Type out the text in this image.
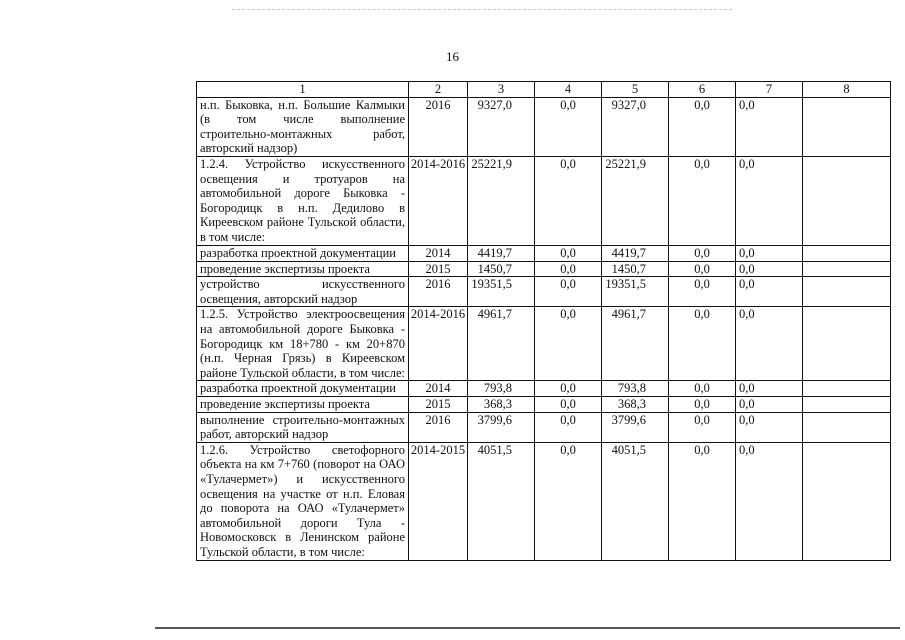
16
1	2	3	4	5	6	7	8
н.п. Быковка, н.п. Большие Калмыки (в том числе выполнение строительно-монтажных работ, авторский надзор)	2016	9327,0	0,0	9327,0	0,0	0,0	
1.2.4. Устройство искусственного освещения и тротуаров на автомобильной дороге Быковка - Богородицк в н.п. Дедилово в Киреевском районе Тульской области, в том числе:	2014-2016	25221,9	0,0	25221,9	0,0	0,0	
разработка проектной документации	2014	4419,7	0,0	4419,7	0,0	0,0	
проведение экспертизы проекта	2015	1450,7	0,0	1450,7	0,0	0,0	
устройство искусственного освещения, авторский надзор	2016	19351,5	0,0	19351,5	0,0	0,0	
1.2.5. Устройство электроосвещения на автомобильной дороге Быковка - Богородицк км 18+780 - км 20+870 (н.п. Черная Грязь) в Киреевском районе Тульской области, в том числе:	2014-2016	4961,7	0,0	4961,7	0,0	0,0	
разработка проектной документации	2014	793,8	0,0	793,8	0,0	0,0	
проведение экспертизы проекта	2015	368,3	0,0	368,3	0,0	0,0	
выполнение строительно-монтажных работ, авторский надзор	2016	3799,6	0,0	3799,6	0,0	0,0	
1.2.6. Устройство светофорного объекта на км 7+760 (поворот на ОАО «Тулачермет») и искусственного освещения на участке от н.п. Еловая до поворота на ОАО «Тулачермет» автомобильной дороги Тула - Новомосковск в Ленинском районе Тульской области, в том числе:	2014-2015	4051,5	0,0	4051,5	0,0	0,0	
